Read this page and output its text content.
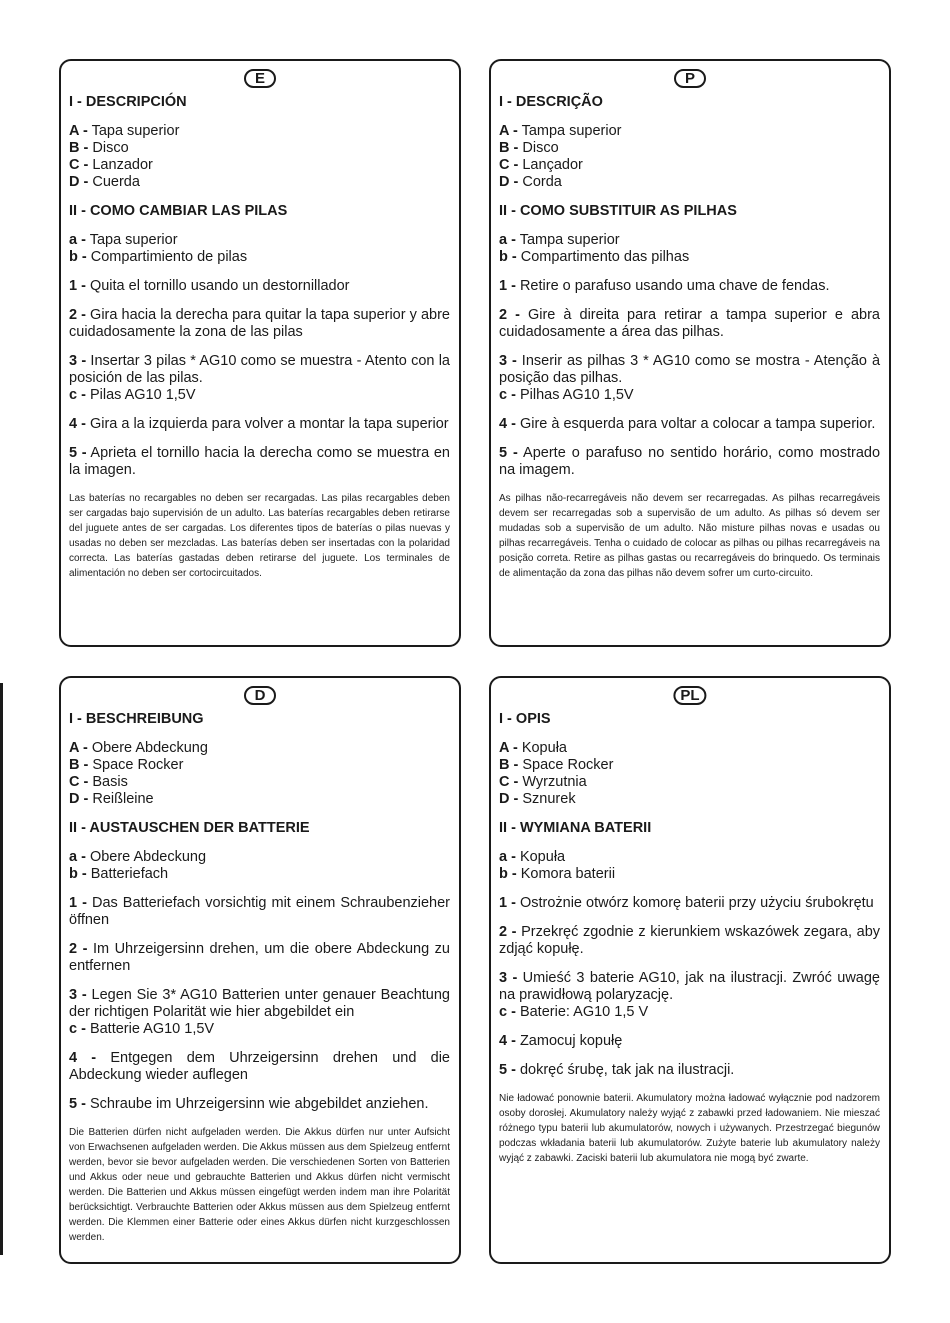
E
I - DESCRIPCIÓN
A - Tapa superior
B - Disco
C - Lanzador
D - Cuerda
II - COMO CAMBIAR LAS PILAS
a - Tapa superior
b - Compartimiento de pilas
1 - Quita el tornillo usando un destornillador
2 - Gira hacia la derecha para quitar la tapa superior y abre cuidadosamente la zona de las pilas
3 - Insertar 3 pilas * AG10 como se muestra - Atento con la posición de las pilas.
c - Pilas AG10 1,5V
4 - Gira a la izquierda para volver a montar la tapa superior
5 - Aprieta el tornillo hacia la derecha como se muestra en la imagen.

Las baterías no recargables no deben ser recargadas. Las pilas recargables deben ser cargadas bajo supervisión de un adulto. Las baterías recargables deben retirarse del juguete antes de ser cargadas. Los diferentes tipos de baterías o pilas nuevas y usadas no deben ser mezcladas. Las baterías deben ser insertadas con la polaridad correcta. Las baterías gastadas deben retirarse del juguete. Los terminales de alimentación no deben ser cortocircuitados.

P
I - DESCRIÇÃO
A - Tampa superior
B - Disco
C - Lançador
D - Corda
II - COMO SUBSTITUIR AS PILHAS
a - Tampa superior
b - Compartimento das pilhas
1 - Retire o parafuso usando uma chave de fendas.
2 - Gire à direita para retirar a tampa superior e abra cuidadosamente a área das pilhas.
3 - Inserir as pilhas 3 * AG10 como se mostra - Atenção à posição das pilhas.
c - Pilhas AG10 1,5V
4 - Gire à esquerda para voltar a colocar a tampa superior.
5 - Aperte o parafuso no sentido horário, como mostrado na imagem.

As pilhas não-recarregáveis não devem ser recarregadas. As pilhas recarregáveis devem ser recarregadas sob a supervisão de um adulto. As pilhas só devem ser mudadas sob a supervisão de um adulto. Não misture pilhas novas e usadas ou pilhas recarregáveis. Tenha o cuidado de colocar as pilhas ou pilhas recarregáveis na posição correta. Retire as pilhas gastas ou recarregáveis do brinquedo. Os terminais de alimentação da zona das pilhas não devem sofrer um curto-circuito.

D
I - BESCHREIBUNG
A - Obere Abdeckung
B - Space Rocker
C - Basis
D - Reißleine
II - AUSTAUSCHEN DER BATTERIE
a - Obere Abdeckung
b - Batteriefach
1 - Das Batteriefach vorsichtig mit einem Schraubenzieher öffnen
2 - Im Uhrzeigersinn drehen, um die obere Abdeckung zu entfernen
3 - Legen Sie 3* AG10 Batterien unter genauer Beachtung der richtigen Polarität wie hier abgebildet ein
c - Batterie AG10 1,5V
4 - Entgegen dem Uhrzeigersinn drehen und die Abdeckung wieder auflegen
5 - Schraube im Uhrzeigersinn wie abgebildet anziehen.

Die Batterien dürfen nicht aufgeladen werden. Die Akkus dürfen nur unter Aufsicht von Erwachsenen aufgeladen werden. Die Akkus müssen aus dem Spielzeug entfernt werden, bevor sie bevor aufgeladen werden. Die verschiedenen Sorten von Batterien und Akkus oder neue und gebrauchte Batterien und Akkus dürfen nicht vermischt werden. Die Batterien und Akkus müssen eingefügt werden indem man ihre Polarität berücksichtigt. Verbrauchte Batterien oder Akkus müssen aus dem Spielzeug entfernt werden. Die Klemmen einer Batterie oder eines Akkus dürfen nicht kurzgeschlossen werden.

PL
I - OPIS
A - Kopuła
B - Space Rocker
C - Wyrzutnia
D - Sznurek
II - WYMIANA BATERII
a - Kopuła
b - Komora baterii
1 - Ostrożnie otwórz komorę baterii przy użyciu śrubokrętu
2 - Przekręć zgodnie z kierunkiem wskazówek zegara, aby zdjąć kopułę.
3 - Umieść 3 baterie AG10, jak na ilustracji. Zwróć uwagę na prawidłową polaryzację.
c - Baterie: AG10 1,5 V
4 - Zamocuj kopułę
5 - dokręć śrubę, tak jak na ilustracji.

Nie ładować ponownie baterii. Akumulatory można ładować wyłącznie pod nadzorem osoby dorosłej. Akumulatory należy wyjąć z zabawki przed ładowaniem. Nie mieszać różnego typu baterii lub akumulatorów, nowych i używanych. Przestrzegać biegunów podczas wkładania baterii lub akumulatorów. Zużyte baterie lub akumulatory należy wyjąć z zabawki. Zaciski baterii lub akumulatora nie mogą być zwarte.
